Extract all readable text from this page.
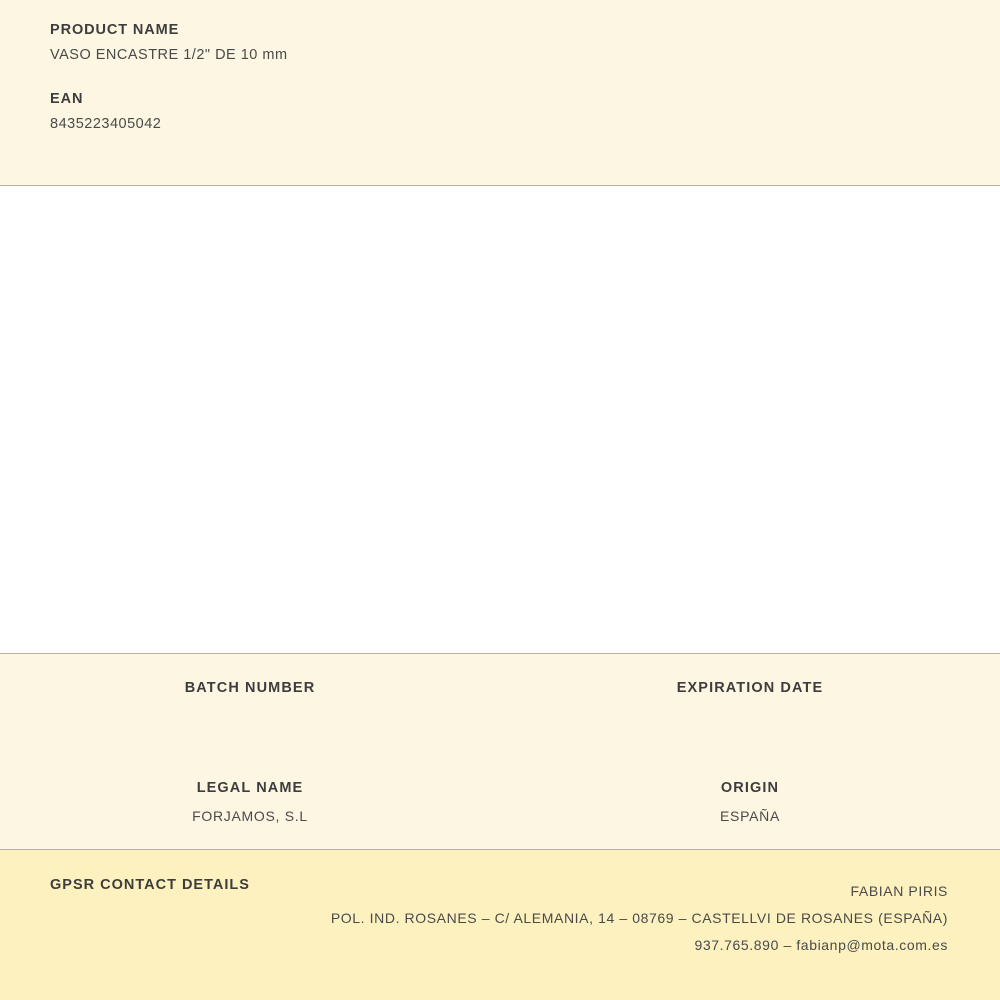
PRODUCT NAME

VASO ENCASTRE 1/2" DE 10 mm

EAN

8435223405042

BATCH NUMBER	EXPIRATION DATE

LEGAL NAME

FORJAMOS, S.L

ORIGIN

ESPAÑA

GPSR CONTACT DETAILS	FABIAN PIRIS
POL. IND. ROSANES – C/ ALEMANIA, 14 – 08769 – CASTELLVI DE ROSANES (ESPAÑA)
937.765.890 – fabianp@mota.com.es
